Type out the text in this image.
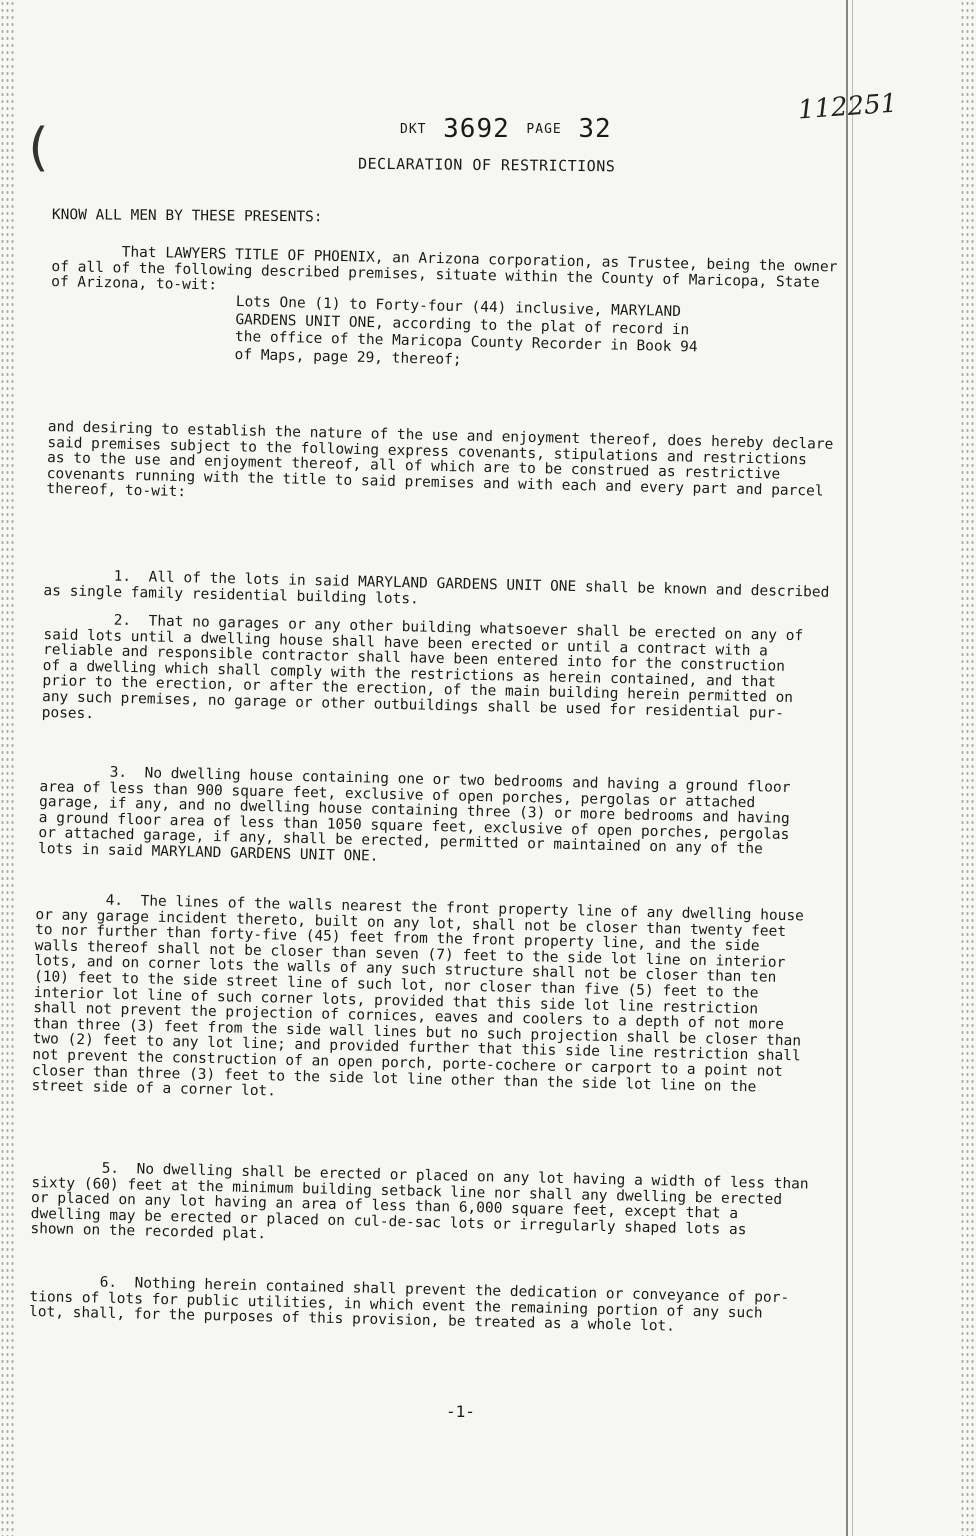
(	DKT 3692 PAGE 32
112251
DECLARATION OF RESTRICTIONS
KNOW ALL MEN BY THESE PRESENTS:
That LAWYERS TITLE OF PHOENIX, an Arizona corporation, as Trustee, being the owner
of all of the following described premises, situate within the County of Maricopa, State
of Arizona, to-wit:
Lots One (1) to Forty-four (44) inclusive, MARYLAND
GARDENS UNIT ONE, according to the plat of record in
the office of the Maricopa County Recorder in Book 94
of Maps, page 29, thereof;
and desiring to establish the nature of the use and enjoyment thereof, does hereby declare
said premises subject to the following express covenants, stipulations and restrictions
as to the use and enjoyment thereof, all of which are to be construed as restrictive
covenants running with the title to said premises and with each and every part and parcel
thereof, to-wit:
1.  All of the lots in said MARYLAND GARDENS UNIT ONE shall be known and described
as single family residential building lots.
2.  That no garages or any other building whatsoever shall be erected on any of
said lots until a dwelling house shall have been erected or until a contract with a
reliable and responsible contractor shall have been entered into for the construction
of a dwelling which shall comply with the restrictions as herein contained, and that
prior to the erection, or after the erection, of the main building herein permitted on
any such premises, no garage or other outbuildings shall be used for residential pur-
poses.
3.  No dwelling house containing one or two bedrooms and having a ground floor
area of less than 900 square feet, exclusive of open porches, pergolas or attached
garage, if any, and no dwelling house containing three (3) or more bedrooms and having
a ground floor area of less than 1050 square feet, exclusive of open porches, pergolas
or attached garage, if any, shall be erected, permitted or maintained on any of the
lots in said MARYLAND GARDENS UNIT ONE.
4.  The lines of the walls nearest the front property line of any dwelling house
or any garage incident thereto, built on any lot, shall not be closer than twenty feet
to nor further than forty-five (45) feet from the front property line, and the side
walls thereof shall not be closer than seven (7) feet to the side lot line on interior
lots, and on corner lots the walls of any such structure shall not be closer than ten
(10) feet to the side street line of such lot, nor closer than five (5) feet to the
interior lot line of such corner lots, provided that this side lot line restriction
shall not prevent the projection of cornices, eaves and coolers to a depth of not more
than three (3) feet from the side wall lines but no such projection shall be closer than
two (2) feet to any lot line; and provided further that this side line restriction shall
not prevent the construction of an open porch, porte-cochere or carport to a point not
closer than three (3) feet to the side lot line other than the side lot line on the
street side of a corner lot.
5.  No dwelling shall be erected or placed on any lot having a width of less than
sixty (60) feet at the minimum building setback line nor shall any dwelling be erected
or placed on any lot having an area of less than 6,000 square feet, except that a
dwelling may be erected or placed on cul-de-sac lots or irregularly shaped lots as
shown on the recorded plat.
6.  Nothing herein contained shall prevent the dedication or conveyance of por-
tions of lots for public utilities, in which event the remaining portion of any such
lot, shall, for the purposes of this provision, be treated as a whole lot.
-1-
